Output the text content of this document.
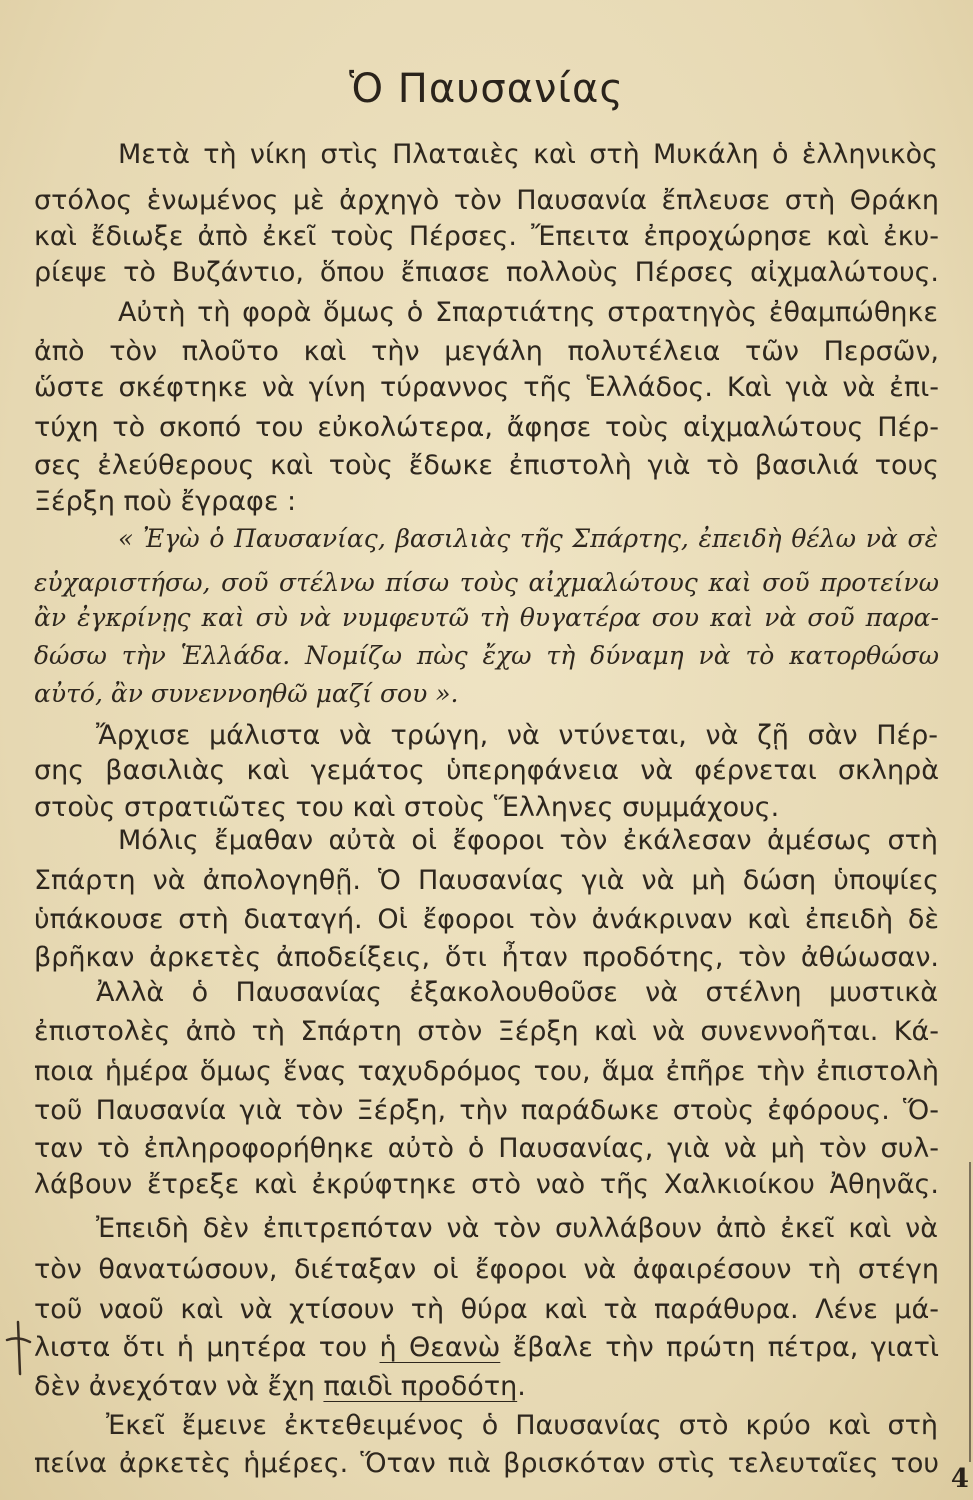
Ὁ Παυσανίας
Μετὰ τὴ νίκη στὶς Πλαταιὲς καὶ στὴ Μυκάλη ὁ ἑλληνικὸς
στόλος ἑνωμένος μὲ ἀρχηγὸ τὸν Παυσανία ἔπλευσε στὴ Θράκη
καὶ ἔδιωξε ἀπὸ ἐκεῖ τοὺς Πέρσες. Ἔπειτα ἐπροχώρησε καὶ ἐκυ-
ρίεψε τὸ Βυζάντιο, ὅπου ἔπιασε πολλοὺς Πέρσες αἰχμαλώτους.
Αὐτὴ τὴ φορὰ ὅμως ὁ Σπαρτιάτης στρατηγὸς ἐθαμπώθηκε
ἀπὸ τὸν πλοῦτο καὶ τὴν μεγάλη πολυτέλεια τῶν Περσῶν,
ὥστε σκέφτηκε νὰ γίνη τύραννος τῆς Ἑλλάδος. Καὶ γιὰ νὰ ἐπι-
τύχη τὸ σκοπό του εὐκολώτερα, ἄφησε τοὺς αἰχμαλώτους Πέρ-
σες ἐλεύθερους καὶ τοὺς ἔδωκε ἐπιστολὴ γιὰ τὸ βασιλιά τους
Ξέρξη ποὺ ἔγραφε :
« Ἐγὼ ὁ Παυσανίας, βασιλιὰς τῆς Σπάρτης, ἐπειδὴ θέλω νὰ σὲ
εὐχαριστήσω, σοῦ στέλνω πίσω τοὺς αἰχμαλώτους καὶ σοῦ προτείνω
ἂν ἐγκρίνῃς καὶ σὺ νὰ νυμφευτῶ τὴ θυγατέρα σου καὶ νὰ σοῦ παρα-
δώσω τὴν Ἑλλάδα. Νομίζω πὼς ἔχω τὴ δύναμη νὰ τὸ κατορθώσω
αὐτό, ἂν συνεννοηθῶ μαζί σου ».
Ἄρχισε μάλιστα νὰ τρώγη, νὰ ντύνεται, νὰ ζῇ σὰν Πέρ-
σης βασιλιὰς καὶ γεμάτος ὑπερηφάνεια νὰ φέρνεται σκληρὰ
στοὺς στρατιῶτες του καὶ στοὺς Ἕλληνες συμμάχους.
Μόλις ἔμαθαν αὐτὰ οἱ ἔφοροι τὸν ἐκάλεσαν ἀμέσως στὴ
Σπάρτη νὰ ἀπολογηθῇ. Ὁ Παυσανίας γιὰ νὰ μὴ δώση ὑποψίες
ὑπάκουσε στὴ διαταγή. Οἱ ἔφοροι τὸν ἀνάκριναν καὶ ἐπειδὴ δὲ
βρῆκαν ἀρκετὲς ἀποδείξεις, ὅτι ἦταν προδότης, τὸν ἀθώωσαν.
Ἀλλὰ ὁ Παυσανίας ἐξακολουθοῦσε νὰ στέλνη μυστικὰ
ἐπιστολὲς ἀπὸ τὴ Σπάρτη στὸν Ξέρξη καὶ νὰ συνεννοῆται. Κά-
ποια ἡμέρα ὅμως ἕνας ταχυδρόμος του, ἅμα ἐπῆρε τὴν ἐπιστολὴ
τοῦ Παυσανία γιὰ τὸν Ξέρξη, τὴν παράδωκε στοὺς ἐφόρους. Ὅ-
ταν τὸ ἐπληροφορήθηκε αὐτὸ ὁ Παυσανίας, γιὰ νὰ μὴ τὸν συλ-
λάβουν ἔτρεξε καὶ ἐκρύφτηκε στὸ ναὸ τῆς Χαλκιοίκου Ἀθηνᾶς.
Ἐπειδὴ δὲν ἐπιτρεπόταν νὰ τὸν συλλάβουν ἀπὸ ἐκεῖ καὶ νὰ
τὸν θανατώσουν, διέταξαν οἱ ἔφοροι νὰ ἀφαιρέσουν τὴ στέγη
τοῦ ναοῦ καὶ νὰ χτίσουν τὴ θύρα καὶ τὰ παράθυρα. Λένε μά-
λιστα ὅτι ἡ μητέρα του ἡ Θεανὼ ἔβαλε τὴν πρώτη πέτρα, γιατὶ
δὲν ἀνεχόταν νὰ ἔχη παιδὶ προδότη.
Ἐκεῖ ἔμεινε ἐκτεθειμένος ὁ Παυσανίας στὸ κρύο καὶ στὴ
πείνα ἀρκετὲς ἡμέρες. Ὅταν πιὰ βρισκόταν στὶς τελευταῖες του 4
